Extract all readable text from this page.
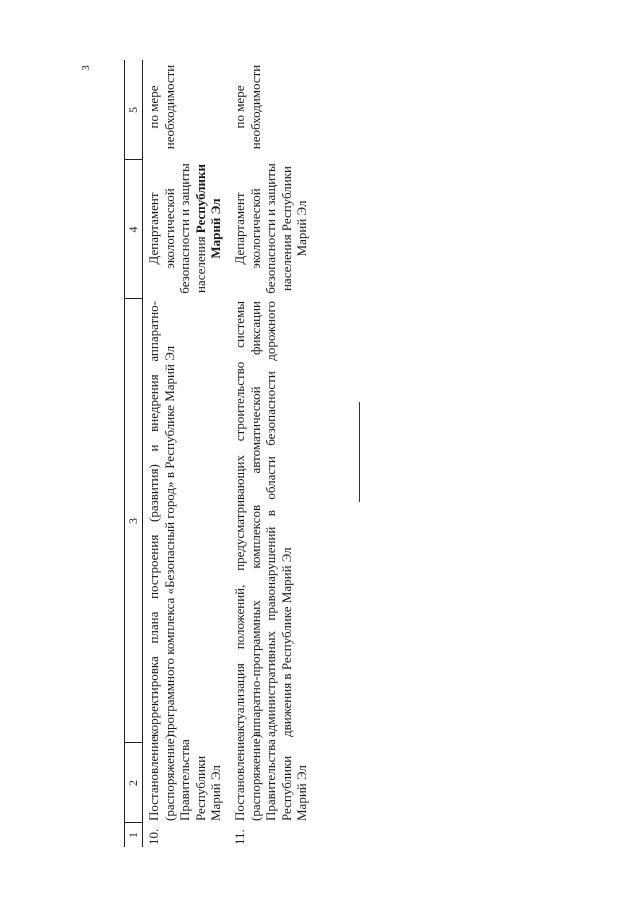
3
1
2
3
4
5
10.
Постановление (распоряжение) Правительства Республики Марий Эл
корректировка плана построения (развития) и внедрения аппаратно-программного комплекса «Безопасный город» в Республике Марий Эл
Департамент экологической безопасности и защиты населения Республики Марий Эл
по мере необходимости
11.
Постановление (распоряжение) Правительства Республики Марий Эл
актуализация положений, предусматривающих строительство системы аппаратно-программных комплексов автоматической фиксации административных правонарушений в области безопасности дорожного движения в Республике Марий Эл
Департамент экологической безопасности и защиты населения Республики Марий Эл
по мере необходимости
